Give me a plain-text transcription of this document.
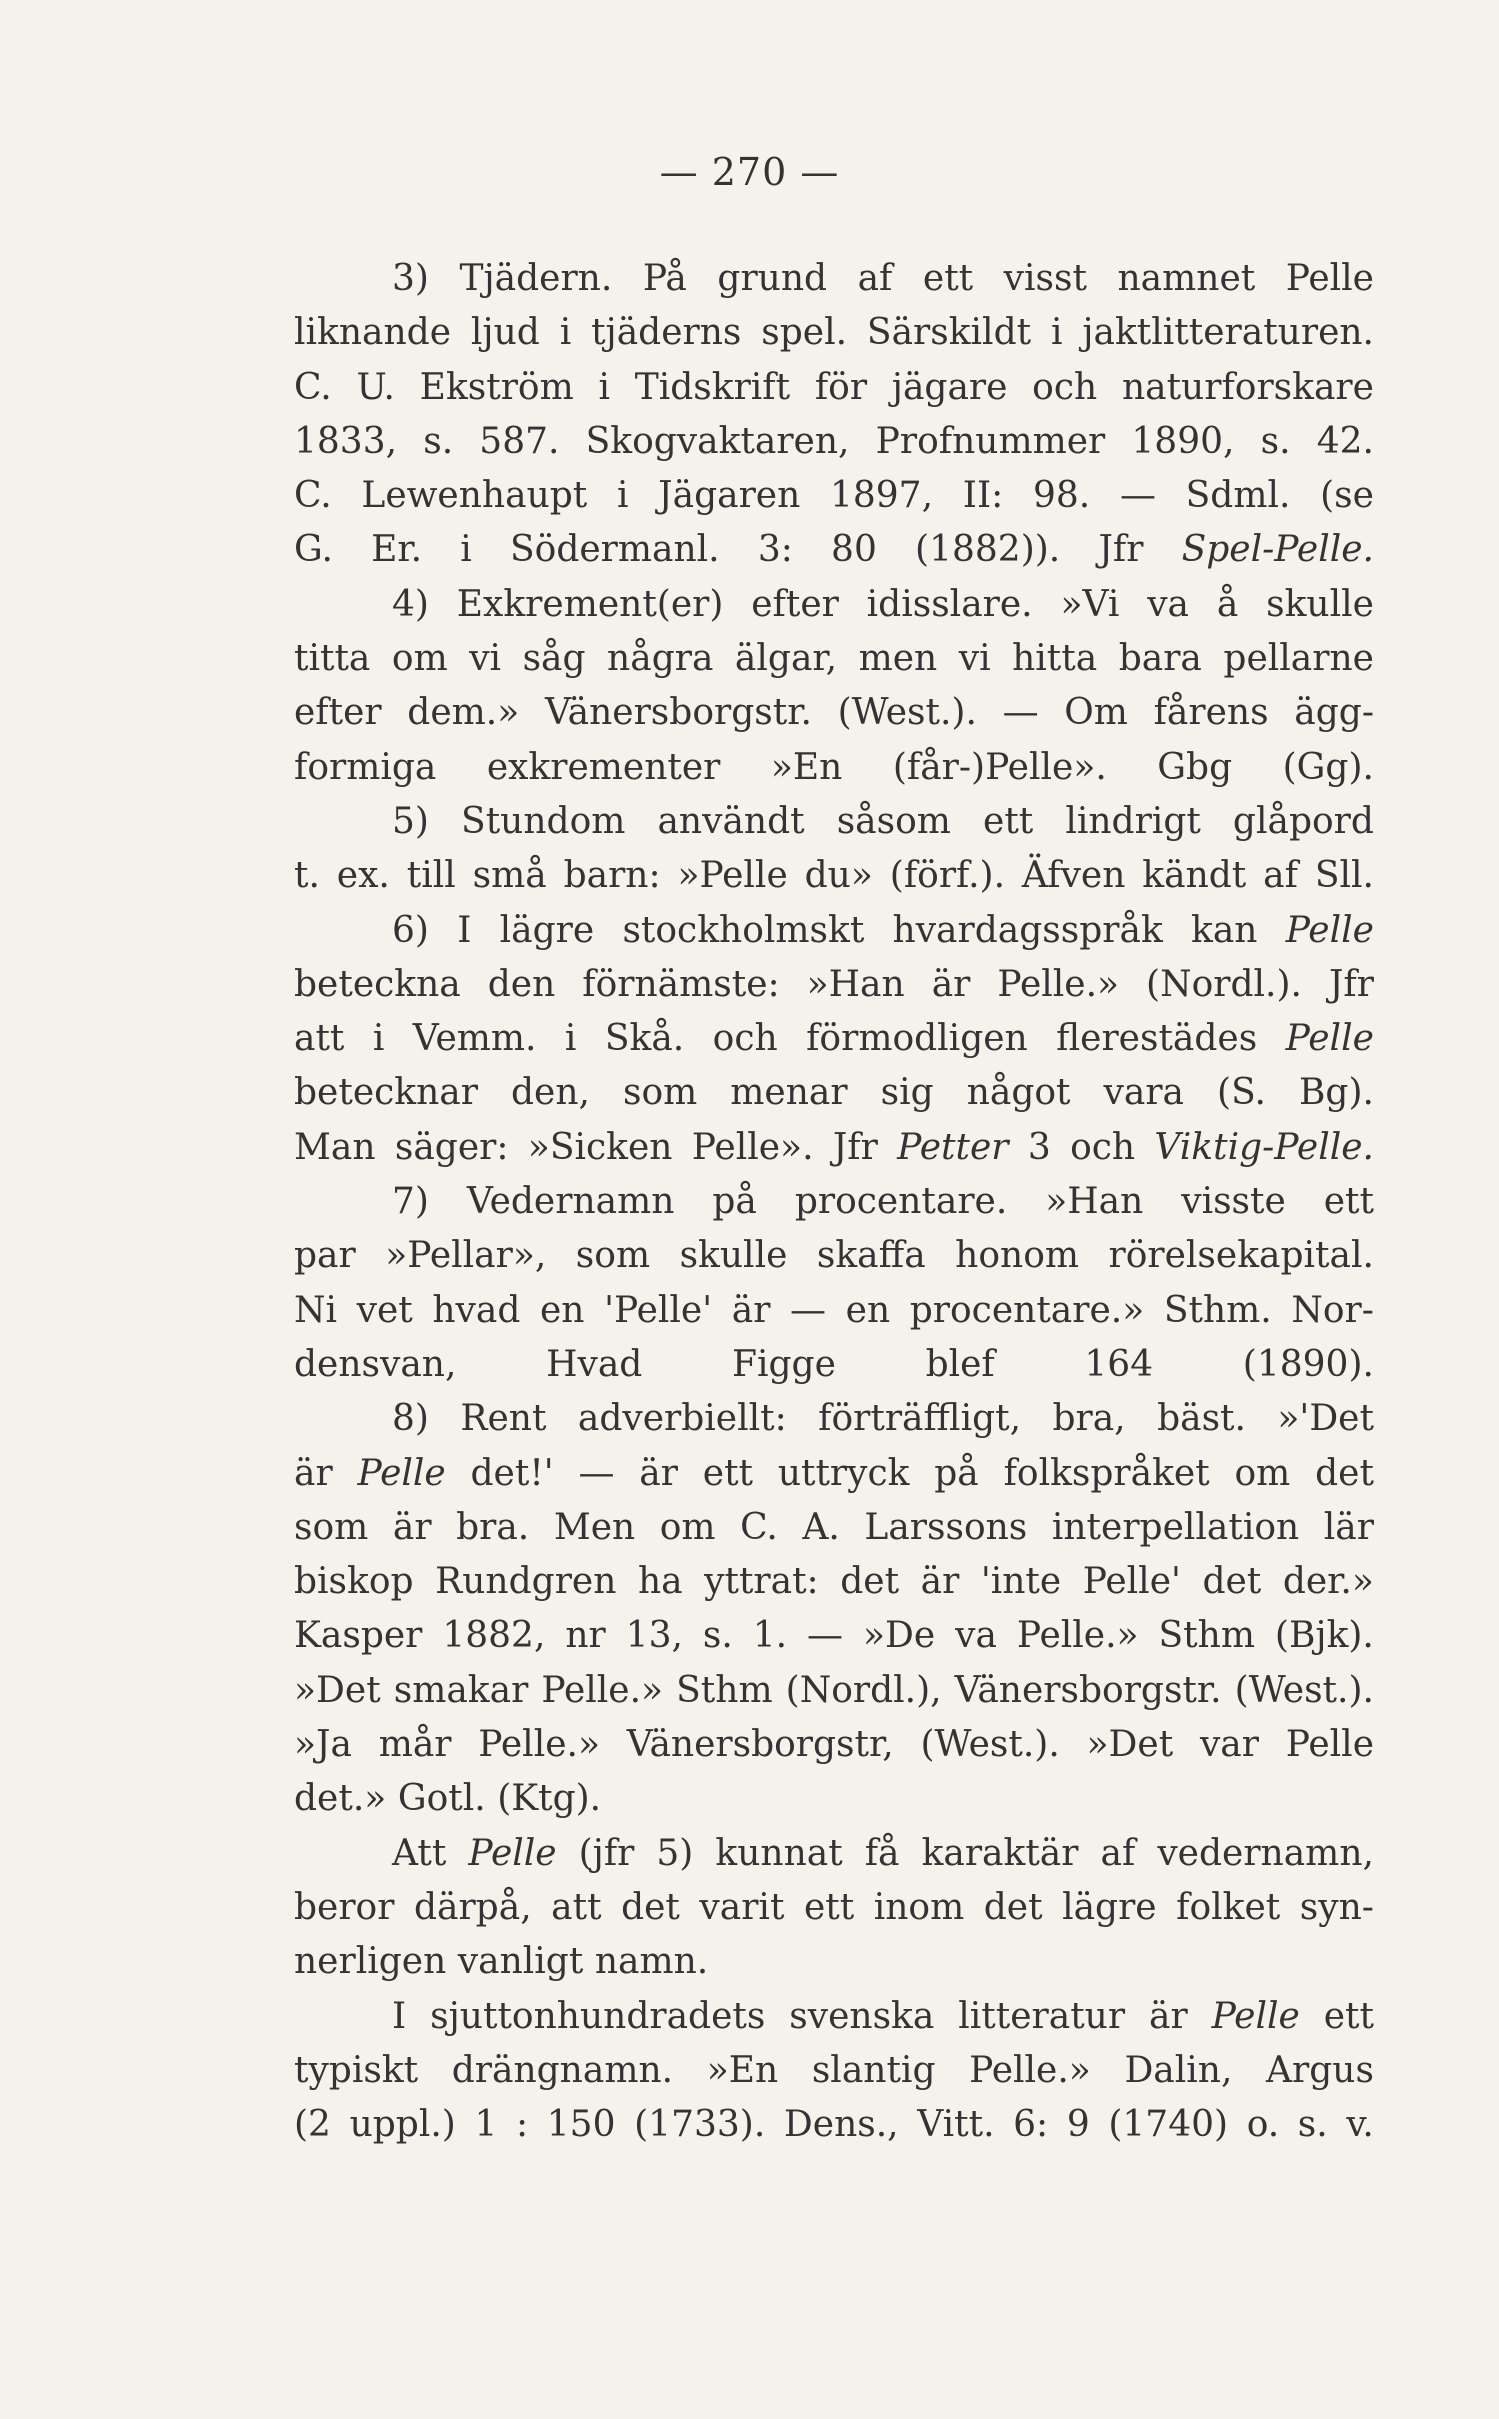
— 270 —
3) Tjädern. På grund af ett visst namnet Pelle
liknande ljud i tjäderns spel. Särskildt i jaktlitteraturen.
C. U. Ekström i Tidskrift för jägare och naturforskare
1833, s. 587. Skogvaktaren, Profnummer 1890, s. 42.
C. Lewenhaupt i Jägaren 1897, II: 98. — Sdml. (se
G. Er. i Södermanl. 3: 80 (1882)). Jfr Spel-Pelle.
4) Exkrement(er) efter idisslare. »Vi va å skulle
titta om vi såg några älgar, men vi hitta bara pellarne
efter dem.» Vänersborgstr. (West.). — Om fårens ägg-
formiga exkrementer »En (får-)Pelle». Gbg (Gg).
5) Stundom användt såsom ett lindrigt glåpord
t. ex. till små barn: »Pelle du» (förf.). Äfven kändt af Sll.
6) I lägre stockholmskt hvardagsspråk kan Pelle
beteckna den förnämste: »Han är Pelle.» (Nordl.). Jfr
att i Vemm. i Skå. och förmodligen flerestädes Pelle
betecknar den, som menar sig något vara (S. Bg).
Man säger: »Sicken Pelle». Jfr Petter 3 och Viktig-Pelle.
7) Vedernamn på procentare. »Han visste ett
par »Pellar», som skulle skaffa honom rörelsekapital.
Ni vet hvad en 'Pelle' är — en procentare.» Sthm. Nor-
densvan, Hvad Figge blef 164 (1890).
8) Rent adverbiellt: förträffligt, bra, bäst. »'Det
är Pelle det!' — är ett uttryck på folkspråket om det
som är bra. Men om C. A. Larssons interpellation lär
biskop Rundgren ha yttrat: det är 'inte Pelle' det der.»
Kasper 1882, nr 13, s. 1. — »De va Pelle.» Sthm (Bjk).
»Det smakar Pelle.» Sthm (Nordl.), Vänersborgstr. (West.).
»Ja mår Pelle.» Vänersborgstr, (West.). »Det var Pelle
det.» Gotl. (Ktg).
Att Pelle (jfr 5) kunnat få karaktär af vedernamn,
beror därpå, att det varit ett inom det lägre folket syn-
nerligen vanligt namn.
I sjuttonhundradets svenska litteratur är Pelle ett
typiskt drängnamn. »En slantig Pelle.» Dalin, Argus
(2 uppl.) 1 : 150 (1733). Dens., Vitt. 6: 9 (1740) o. s. v.
